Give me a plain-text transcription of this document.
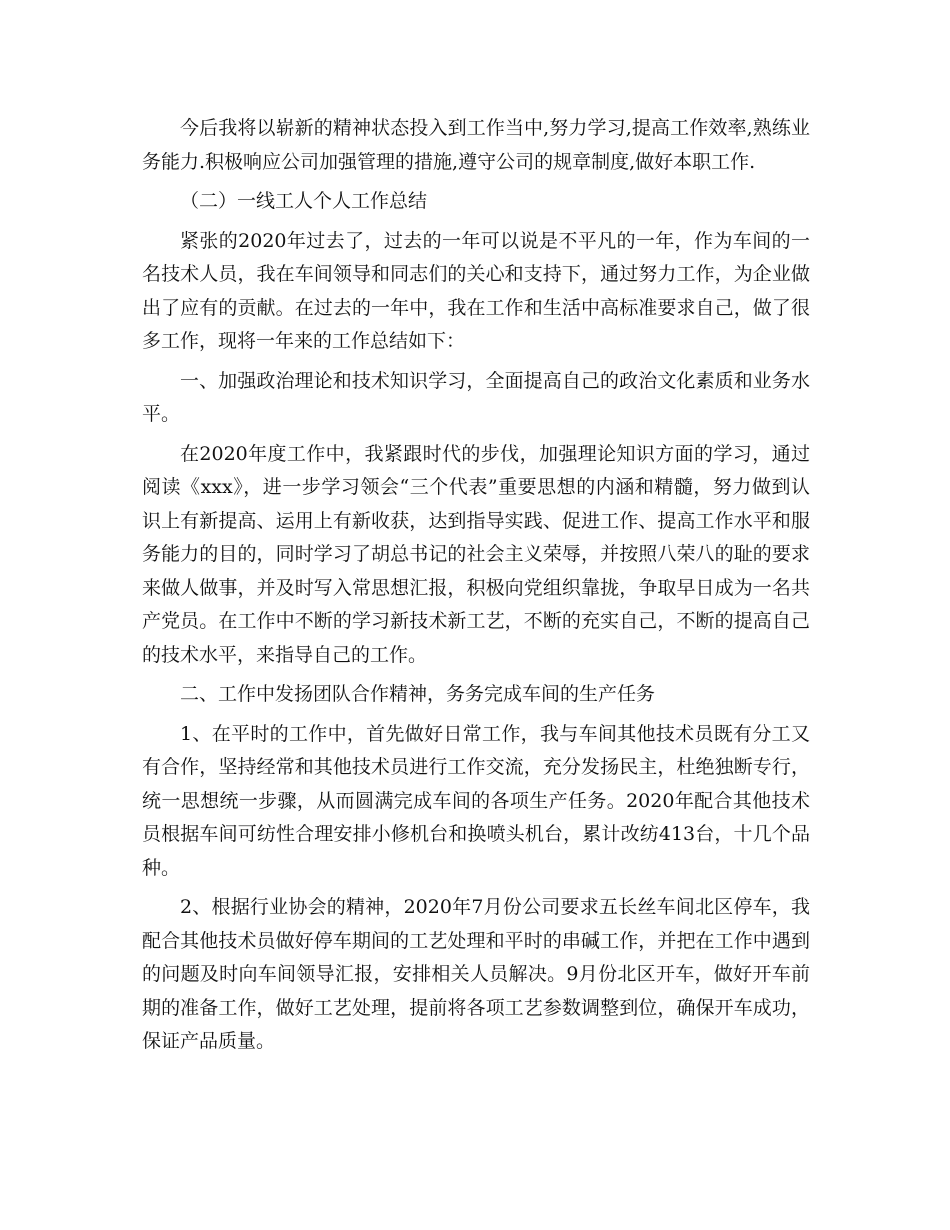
今后我将以崭新的精神状态投入到工作当中,努力学习,提高工作效率,熟练业务能力.积极响应公司加强管理的措施,遵守公司的规章制度,做好本职工作.

（二）一线工人个人工作总结

紧张的2020年过去了，过去的一年可以说是不平凡的一年，作为车间的一名技术人员，我在车间领导和同志们的关心和支持下，通过努力工作，为企业做出了应有的贡献。在过去的一年中，我在工作和生活中高标准要求自己，做了很多工作，现将一年来的工作总结如下：

一、加强政治理论和技术知识学习，全面提高自己的政治文化素质和业务水平。

在2020年度工作中，我紧跟时代的步伐，加强理论知识方面的学习，通过阅读《xxx》，进一步学习领会“三个代表”重要思想的内涵和精髓，努力做到认识上有新提高、运用上有新收获，达到指导实践、促进工作、提高工作水平和服务能力的目的，同时学习了胡总书记的社会主义荣辱，并按照八荣八的耻的要求来做人做事，并及时写入常思想汇报，积极向党组织靠拢，争取早日成为一名共产党员。在工作中不断的学习新技术新工艺，不断的充实自己，不断的提高自己的技术水平，来指导自己的工作。

二、工作中发扬团队合作精神，务务完成车间的生产任务

1、在平时的工作中，首先做好日常工作，我与车间其他技术员既有分工又有合作，坚持经常和其他技术员进行工作交流，充分发扬民主，杜绝独断专行，统一思想统一步骤，从而圆满完成车间的各项生产任务。2020年配合其他技术员根据车间可纺性合理安排小修机台和换喷头机台，累计改纺413台，十几个品种。

2、根据行业协会的精神，2020年7月份公司要求五长丝车间北区停车，我配合其他技术员做好停车期间的工艺处理和平时的串碱工作，并把在工作中遇到的问题及时向车间领导汇报，安排相关人员解决。9月份北区开车，做好开车前期的准备工作，做好工艺处理，提前将各项工艺参数调整到位，确保开车成功，保证产品质量。
